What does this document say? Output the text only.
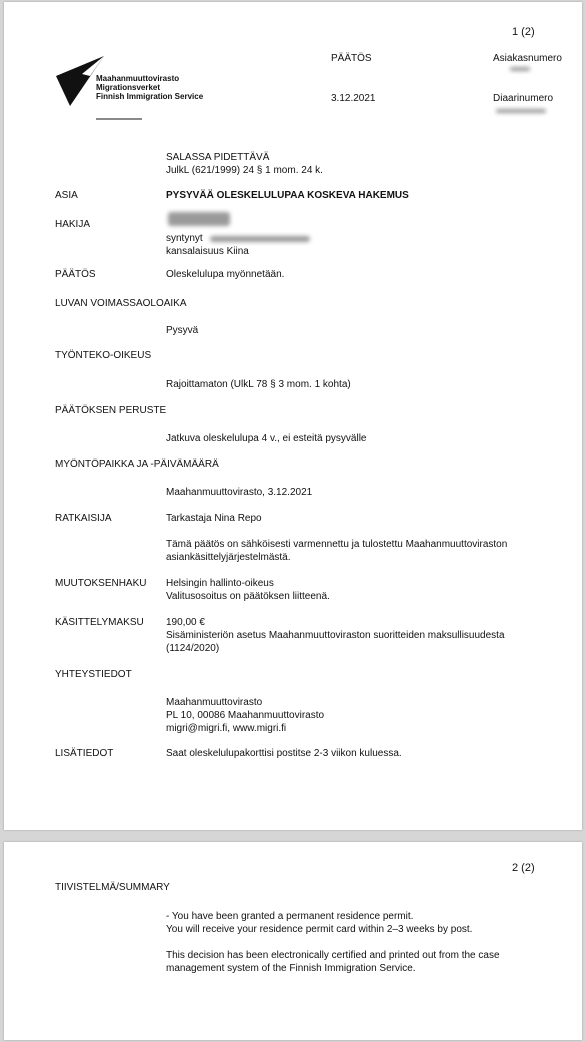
1 (2)
Maahanmuuttovirasto
Migrationsverket
Finnish Immigration Service
PÄÄTÖS
3.12.2021
Asiakasnumero
Diaarinumero
SALASSA PIDETTÄVÄ
JulkL (621/1999) 24 § 1 mom. 24 k.
ASIA	PYSYVÄÄ OLESKELULUPAA KOSKEVA HAKEMUS
HAKIJA
syntynyt
kansalaisuus Kiina
PÄÄTÖS	Oleskelulupa myönnetään.
LUVAN VOIMASSAOLOAIKA
Pysyvä
TYÖNTEKO-OIKEUS
Rajoittamaton (UlkL 78 § 3 mom. 1 kohta)
PÄÄTÖKSEN PERUSTE
Jatkuva oleskelulupa 4 v., ei esteitä pysyvälle
MYÖNTÖPAIKKA JA -PÄIVÄMÄÄRÄ
Maahanmuuttovirasto, 3.12.2021
RATKAISIJA	Tarkastaja Nina Repo
Tämä päätös on sähköisesti varmennettu ja tulostettu Maahanmuuttoviraston
asiankäsittelyjärjestelmästä.
MUUTOKSENHAKU Helsingin hallinto-oikeus
Valitusosoitus on päätöksen liitteenä.
KÄSITTELYMAKSU 190,00 €
Sisäministeriön asetus Maahanmuuttoviraston suoritteiden maksullisuudesta
(1124/2020)
YHTEYSTIEDOT
Maahanmuuttovirasto
PL 10, 00086 Maahanmuuttovirasto
migri@migri.fi, www.migri.fi
LISÄTIEDOT	Saat oleskelulupakorttisi postitse 2-3 viikon kuluessa.
2 (2)
TIIVISTELMÄ/SUMMARY
- You have been granted a permanent residence permit.
You will receive your residence permit card within 2–3 weeks by post.
This decision has been electronically certified and printed out from the case
management system of the Finnish Immigration Service.
